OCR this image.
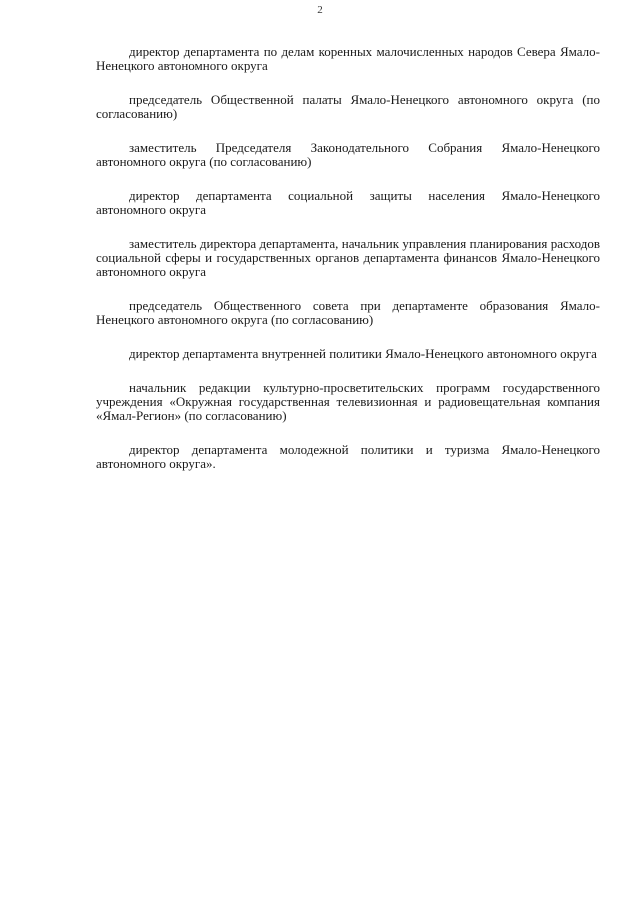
2

директор департамента по делам коренных малочисленных народов Севера Ямало-Ненецкого автономного округа

председатель Общественной палаты Ямало-Ненецкого автономного округа (по согласованию)

заместитель Председателя Законодательного Собрания Ямало-Ненецкого автономного округа (по согласованию)

директор департамента социальной защиты населения Ямало-Ненецкого автономного округа

заместитель директора департамента, начальник управления планирования расходов социальной сферы и государственных органов департамента финансов Ямало-Ненецкого автономного округа

председатель Общественного совета при департаменте образования Ямало-Ненецкого автономного округа (по согласованию)

директор департамента внутренней политики Ямало-Ненецкого автономного округа

начальник редакции культурно-просветительских программ государственного учреждения «Окружная государственная телевизионная и радиовещательная компания «Ямал-Регион» (по согласованию)

директор департамента молодежной политики и туризма Ямало-Ненецкого автономного округа».
